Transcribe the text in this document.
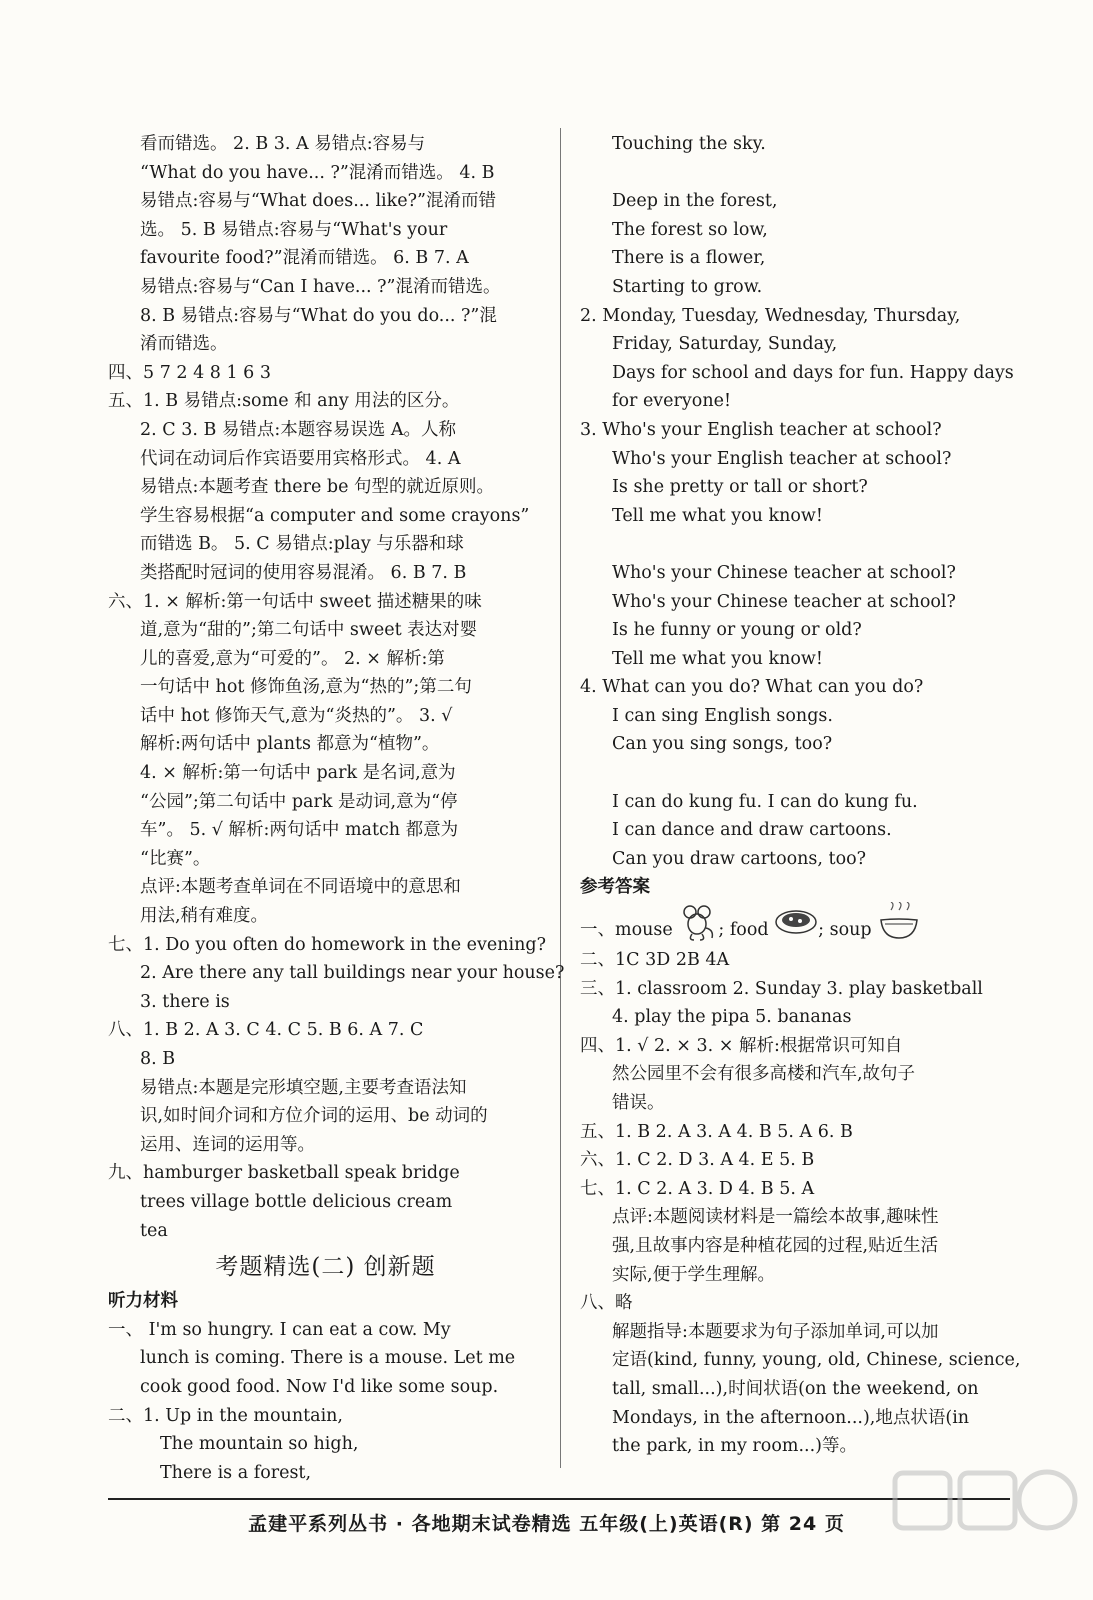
看而错选。 2. B 3. A 易错点:容易与
“What do you have... ?”混淆而错选。 4. B
易错点:容易与“What does... like?”混淆而错
选。 5. B 易错点:容易与“What's your
favourite food?”混淆而错选。 6. B 7. A
易错点:容易与“Can I have... ?”混淆而错选。
8. B 易错点:容易与“What do you do... ?”混
淆而错选。
四、5 7 2 4 8 1 6 3
五、1. B 易错点:some 和 any 用法的区分。
2. C 3. B 易错点:本题容易误选 A。人称
代词在动词后作宾语要用宾格形式。 4. A
易错点:本题考查 there be 句型的就近原则。
学生容易根据“a computer and some crayons”
而错选 B。 5. C 易错点:play 与乐器和球
类搭配时冠词的使用容易混淆。 6. B 7. B
六、1. × 解析:第一句话中 sweet 描述糖果的味
道,意为“甜的”;第二句话中 sweet 表达对婴
儿的喜爱,意为“可爱的”。 2. × 解析:第
一句话中 hot 修饰鱼汤,意为“热的”;第二句
话中 hot 修饰天气,意为“炎热的”。 3. √
解析:两句话中 plants 都意为“植物”。
4. × 解析:第一句话中 park 是名词,意为
“公园”;第二句话中 park 是动词,意为“停
车”。 5. √ 解析:两句话中 match 都意为
“比赛”。
点评:本题考查单词在不同语境中的意思和
用法,稍有难度。
七、1. Do you often do homework in the evening?
2. Are there any tall buildings near your house?
3. there is
八、1. B 2. A 3. C 4. C 5. B 6. A 7. C
8. B
易错点:本题是完形填空题,主要考查语法知
识,如时间介词和方位介词的运用、be 动词的
运用、连词的运用等。
九、hamburger basketball speak bridge
trees village bottle delicious cream
tea
考题精选(二) 创新题
听力材料
一、 I'm so hungry. I can eat a cow. My
lunch is coming. There is a mouse. Let me
cook good food. Now I'd like some soup.
二、1. Up in the mountain,
The mountain so high,
There is a forest,
Touching the sky.
Deep in the forest,
The forest so low,
There is a flower,
Starting to grow.
2. Monday, Tuesday, Wednesday, Thursday,
Friday, Saturday, Sunday,
Days for school and days for fun. Happy days
for everyone!
3. Who's your English teacher at school?
Who's your English teacher at school?
Is she pretty or tall or short?
Tell me what you know!
Who's your Chinese teacher at school?
Who's your Chinese teacher at school?
Is he funny or young or old?
Tell me what you know!
4. What can you do? What can you do?
I can sing English songs.
Can you sing songs, too?
I can do kung fu. I can do kung fu.
I can dance and draw cartoons.
Can you draw cartoons, too?
参考答案
一、mouse	; food	; soup
二、1C 3D 2B 4A
三、1. classroom 2. Sunday 3. play basketball
4. play the pipa 5. bananas
四、1. √ 2. × 3. × 解析:根据常识可知自
然公园里不会有很多高楼和汽车,故句子
错误。
五、1. B 2. A 3. A 4. B 5. A 6. B
六、1. C 2. D 3. A 4. E 5. B
七、1. C 2. A 3. D 4. B 5. A
点评:本题阅读材料是一篇绘本故事,趣味性
强,且故事内容是种植花园的过程,贴近生活
实际,便于学生理解。
八、略
解题指导:本题要求为句子添加单词,可以加
定语(kind, funny, young, old, Chinese, science,
tall, small...),时间状语(on the weekend, on
Mondays, in the afternoon...),地点状语(in
the park, in my room...)等。
孟建平系列丛书 · 各地期末试卷精选 五年级(上)英语(R) 第 24 页
